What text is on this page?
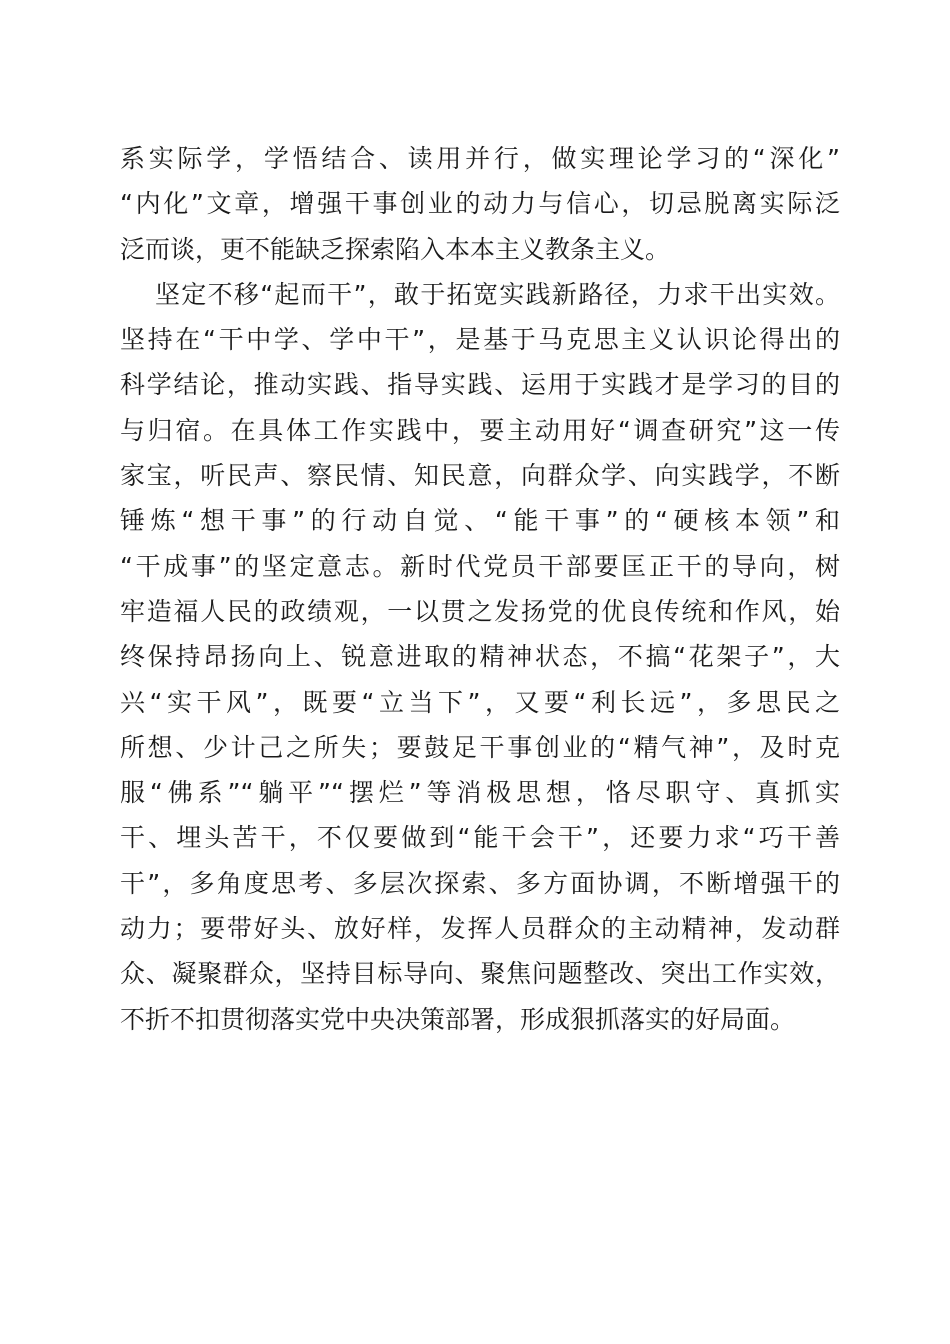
系实际学，学悟结合、读用并行，做实理论学习的“深化”
“内化”文章，增强干事创业的动力与信心，切忌脱离实际泛
泛而谈，更不能缺乏探索陷入本本主义教条主义。
坚定不移“起而干”，敢于拓宽实践新路径，力求干出实效。
坚持在“干中学、学中干”，是基于马克思主义认识论得出的
科学结论，推动实践、指导实践、运用于实践才是学习的目的
与归宿。在具体工作实践中，要主动用好“调查研究”这一传
家宝，听民声、察民情、知民意，向群众学、向实践学，不断
锤炼“想干事”的行动自觉、“能干事”的“硬核本领”和
“干成事”的坚定意志。新时代党员干部要匡正干的导向，树
牢造福人民的政绩观，一以贯之发扬党的优良传统和作风，始
终保持昂扬向上、锐意进取的精神状态，不搞“花架子”，大
兴“实干风”，既要“立当下”，又要“利长远”，多思民之
所想、少计己之所失；要鼓足干事创业的“精气神”，及时克
服“佛系”“躺平”“摆烂”等消极思想，恪尽职守、真抓实
干、埋头苦干，不仅要做到“能干会干”，还要力求“巧干善
干”，多角度思考、多层次探索、多方面协调，不断增强干的
动力；要带好头、放好样，发挥人员群众的主动精神，发动群
众、凝聚群众，坚持目标导向、聚焦问题整改、突出工作实效，
不折不扣贯彻落实党中央决策部署，形成狠抓落实的好局面。
